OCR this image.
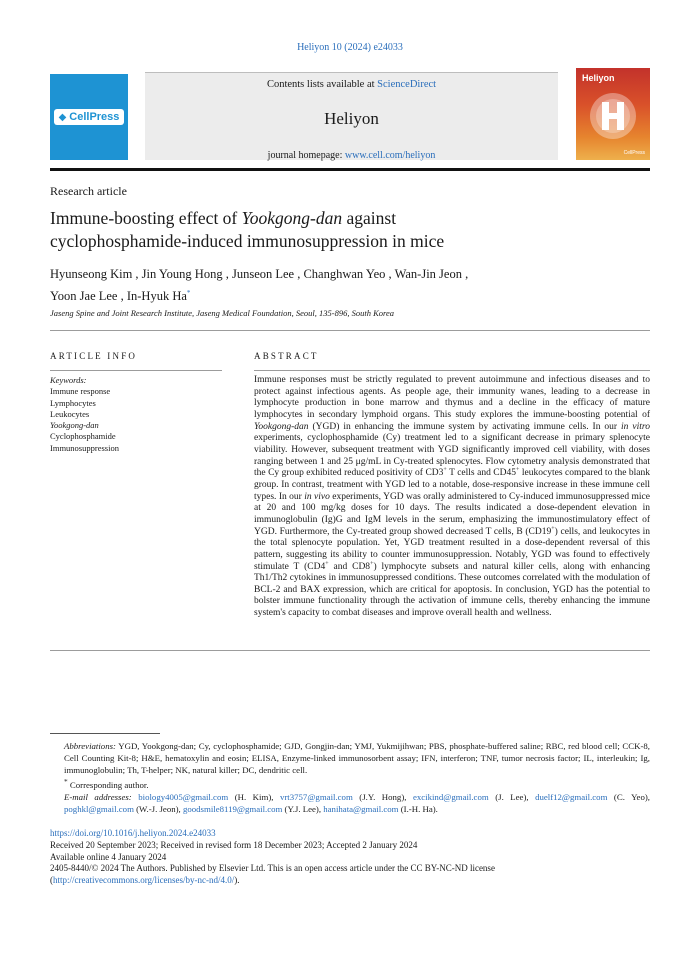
Heliyon 10 (2024) e24033
◆ CellPress
Contents lists available at ScienceDirect
Heliyon
journal homepage: www.cell.com/heliyon
Heliyon
CellPress
Research article
Immune-boosting effect of Yookgong-dan against
cyclophosphamide-induced immunosuppression in mice
Hyunseong Kim , Jin Young Hong , Junseon Lee , Changhwan Yeo , Wan-Jin Jeon ,
Yoon Jae Lee , In-Hyuk Ha*
Jaseng Spine and Joint Research Institute, Jaseng Medical Foundation, Seoul, 135-896, South Korea
ARTICLE INFO	ABSTRACT
Keywords:
Immune response
Lymphocytes
Leukocytes
Yookgong-dan
Cyclophosphamide
Immunosuppression
Immune responses must be strictly regulated to prevent autoimmune and infectious diseases and to protect against infectious agents. As people age, their immunity wanes, leading to a decrease in lymphocyte production in bone marrow and thymus and a decline in the efficacy of mature lymphocytes in secondary lymphoid organs. This study explores the immune-boosting potential of Yookgong-dan (YGD) in enhancing the immune system by activating immune cells. In our in vitro experiments, cyclophosphamide (Cy) treatment led to a significant decrease in primary splenocyte viability. However, subsequent treatment with YGD significantly improved cell viability, with doses ranging between 1 and 25 μg/mL in Cy-treated splenocytes. Flow cytometry analysis demonstrated that the Cy group exhibited reduced positivity of CD3+ T cells and CD45+ leukocytes compared to the blank group. In contrast, treatment with YGD led to a notable, dose-responsive increase in these immune cell types. In our in vivo experiments, YGD was orally administered to Cy-induced immunosuppressed mice at 20 and 100 mg/kg doses for 10 days. The results indicated a dose-dependent elevation in immunoglobulin (Ig)G and IgM levels in the serum, emphasizing the immunostimulatory effect of YGD. Furthermore, the Cy-treated group showed decreased T cells, B (CD19+) cells, and leukocytes in the total splenocyte population. Yet, YGD treatment resulted in a dose-dependent reversal of this pattern, suggesting its ability to counter immunosuppression. Notably, YGD was found to effectively stimulate T (CD4+ and CD8+) lymphocyte subsets and natural killer cells, along with enhancing Th1/Th2 cytokines in immunosuppressed conditions. These outcomes correlated with the modulation of BCL-2 and BAX expression, which are critical for apoptosis. In conclusion, YGD has the potential to bolster immune functionality through the activation of immune cells, thereby enhancing the immune system's capacity to combat diseases and improve overall health and wellness.
Abbreviations: YGD, Yookgong-dan; Cy, cyclophosphamide; GJD, Gongjin-dan; YMJ, Yukmijihwan; PBS, phosphate-buffered saline; RBC, red blood cell; CCK-8, Cell Counting Kit-8; H&E, hematoxylin and eosin; ELISA, Enzyme-linked immunosorbent assay; IFN, interferon; TNF, tumor necrosis factor; IL, interleukin; Ig, immunoglobulin; Th, T-helper; NK, natural killer; DC, dendritic cell.
* Corresponding author.
E-mail addresses: biology4005@gmail.com (H. Kim), vrt3757@gmail.com (J.Y. Hong), excikind@gmail.com (J. Lee), duelf12@gmail.com (C. Yeo), poghkl@gmail.com (W.-J. Jeon), goodsmile8119@gmail.com (Y.J. Lee), hanihata@gmail.com (I.-H. Ha).
https://doi.org/10.1016/j.heliyon.2024.e24033
Received 20 September 2023; Received in revised form 18 December 2023; Accepted 2 January 2024
Available online 4 January 2024
2405-8440/© 2024 The Authors. Published by Elsevier Ltd. This is an open access article under the CC BY-NC-ND license
(http://creativecommons.org/licenses/by-nc-nd/4.0/).
